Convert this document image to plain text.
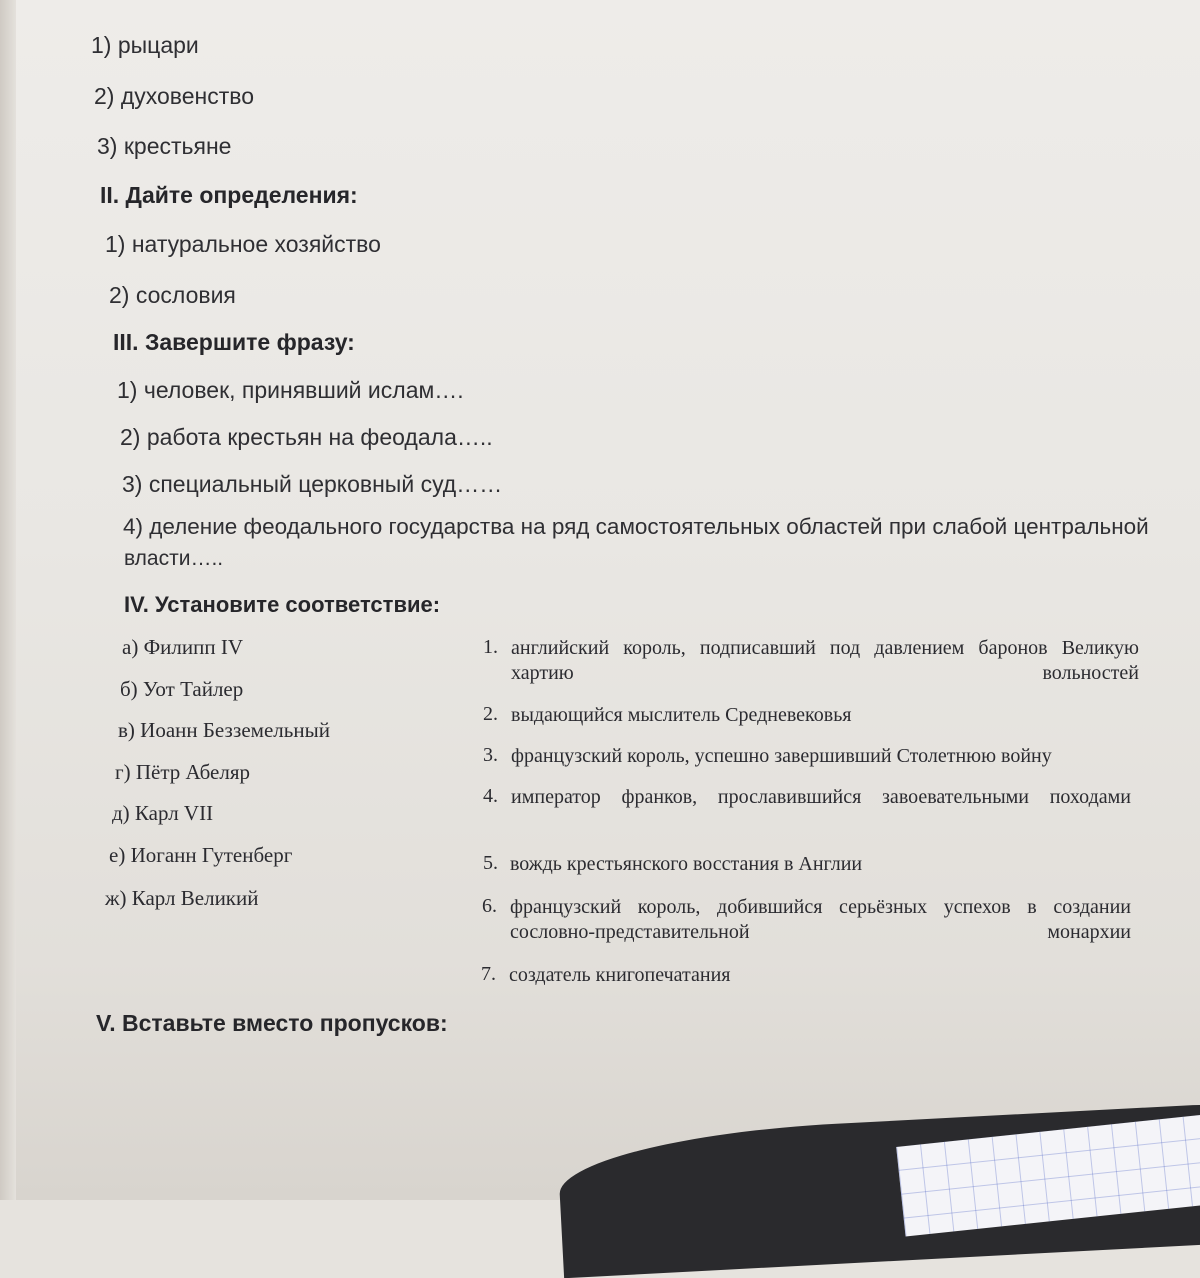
1) рыцари
2) духовенство
3) крестьяне
II. Дайте определения:
1) натуральное хозяйство
2) сословия
III. Завершите фразу:
1) человек, принявший ислам….
2) работа крестьян на феодала…..
3) специальный церковный суд……
4) деление феодального государства на ряд самостоятельных областей при слабой центральной
власти…..
IV. Установите соответствие:
а) Филипп IV
б) Уот Тайлер
в) Иоанн Безземельный
г) Пётр Абеляр
д) Карл VII
е) Иоганн Гутенберг
ж) Карл Великий
1. английский король, подписавший под давлением баронов Великую хартию вольностей
2. выдающийся мыслитель Средневековья
3. французский король, успешно завершивший Столетнюю войну
4. император франков, прославившийся завоевательными походами
5. вождь крестьянского восстания в Англии
6. французский король, добившийся серьёзных успехов в создании сословно-представительной монархии
7. создатель книгопечатания
V. Вставьте вместо пропусков:
